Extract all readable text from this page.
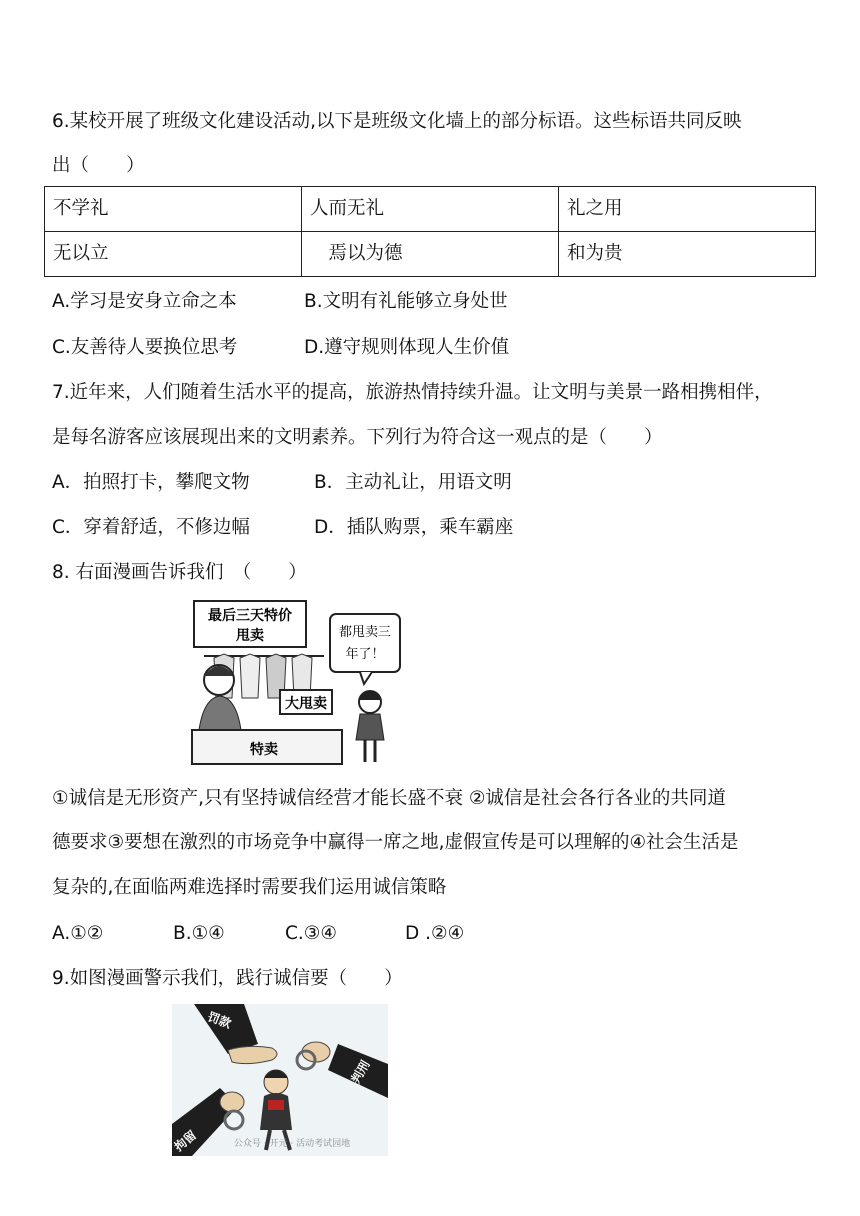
6.某校开展了班级文化建设活动,以下是班级文化墙上的部分标语。这些标语共同反映
出（　　）
不学礼	人而无礼	礼之用
无以立	　焉以为德	和为贵
A.学习是安身立命之本	B.文明有礼能够立身处世
C.友善待人要换位思考	D.遵守规则体现人生价值
7.近年来，人们随着生活水平的提高，旅游热情持续升温。让文明与美景一路相携相伴，
是每名游客应该展现出来的文明素养。下列行为符合这一观点的是（　　）
A．拍照打卡，攀爬文物	B．主动礼让，用语文明
C．穿着舒适，不修边幅	D．插队购票，乘车霸座
8. 右面漫画告诉我们　（　　）
最后三天特价
甩卖
大甩卖
特卖
都甩卖三
年了！
①诚信是无形资产,只有坚持诚信经营才能长盛不衰 ②诚信是社会各行各业的共同道
德要求③要想在激烈的市场竞争中赢得一席之地,虚假宣传是可以理解的④社会生活是
复杂的,在面临两难选择时需要我们运用诚信策略
A.①②	B.①④	C.③④	D .②④
9.如图漫画警示我们，践行诚信要（　　）
罚款
判刑
拘留	公众号 · 开元 · 活动考试园地
